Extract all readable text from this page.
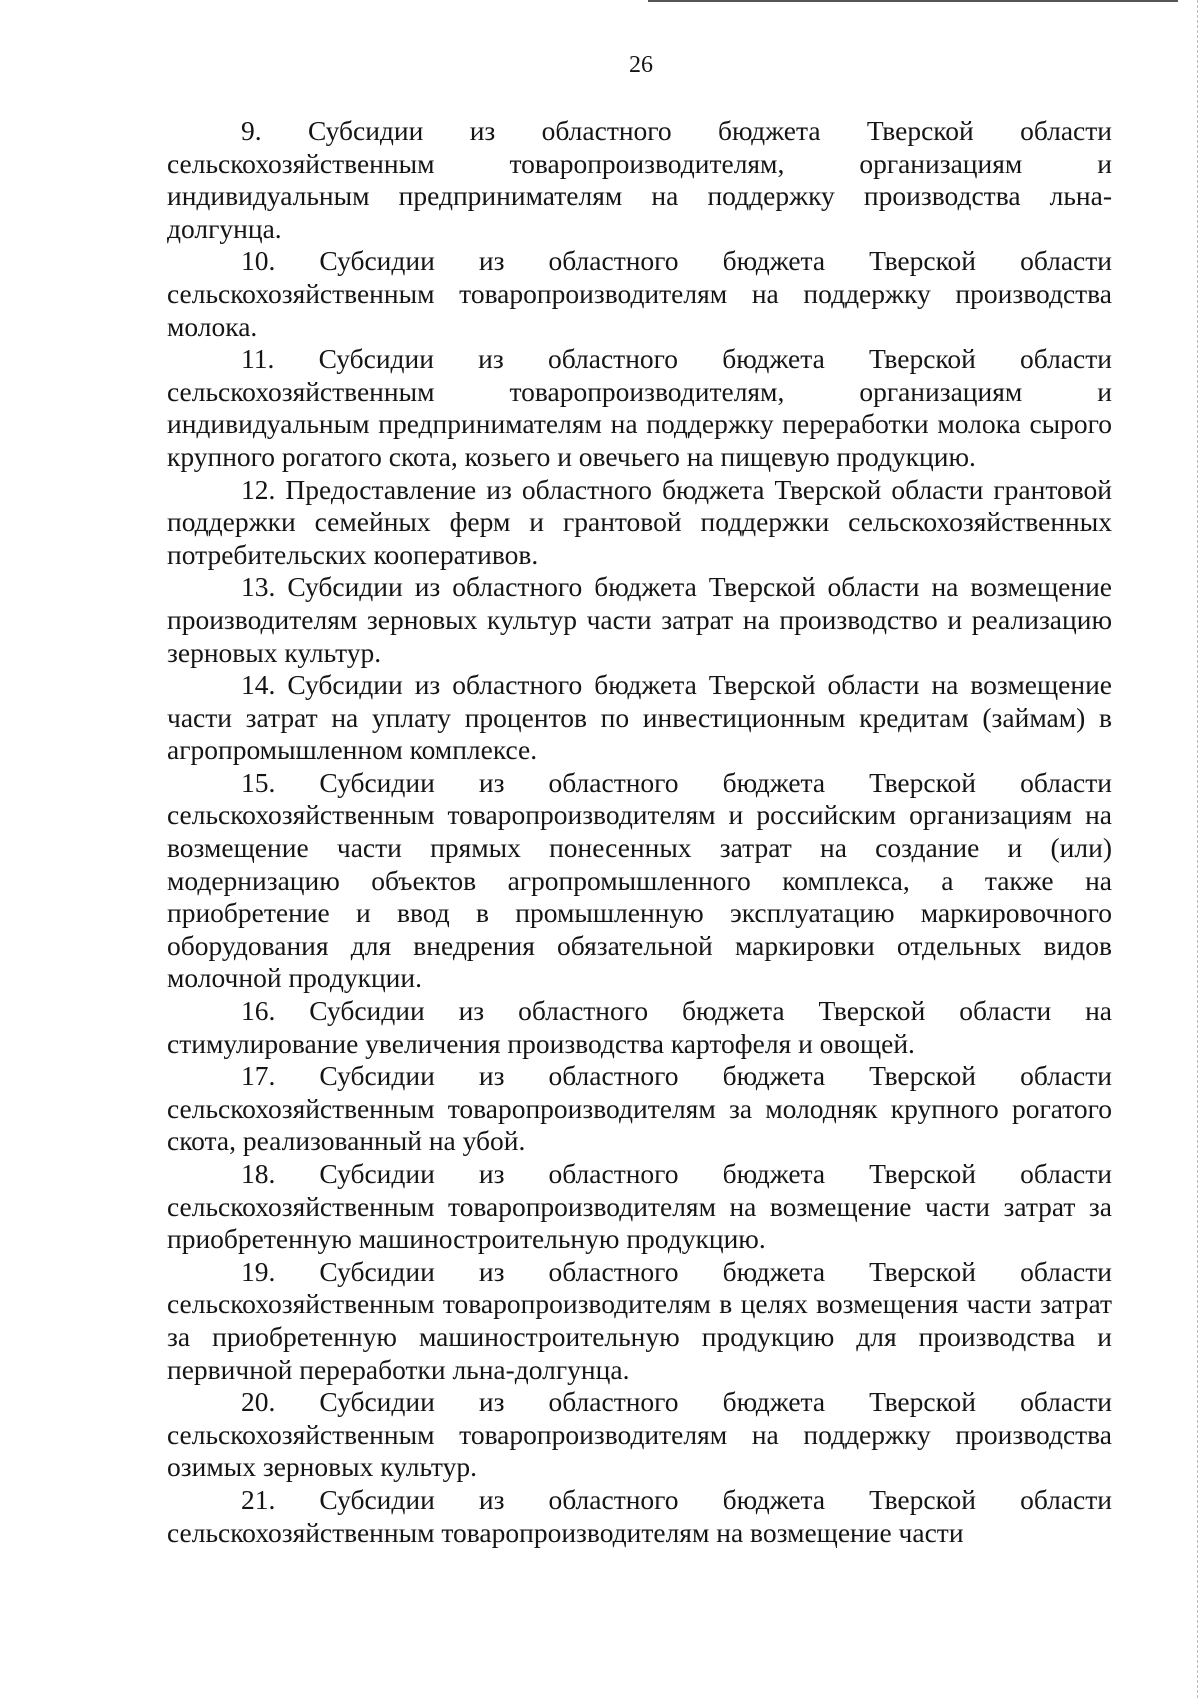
26

9. Субсидии из областного бюджета Тверской области сельскохозяйственным товаропроизводителям, организациям и индивидуальным предпринимателям на поддержку производства льна-долгунца.

10. Субсидии из областного бюджета Тверской области сельскохозяйственным товаропроизводителям на поддержку производства молока.

11. Субсидии из областного бюджета Тверской области сельскохозяйственным товаропроизводителям, организациям и индивидуальным предпринимателям на поддержку переработки молока сырого крупного рогатого скота, козьего и овечьего на пищевую продукцию.

12. Предоставление из областного бюджета Тверской области грантовой поддержки семейных ферм и грантовой поддержки сельскохозяйственных потребительских кооперативов.

13. Субсидии из областного бюджета Тверской области на возмещение производителям зерновых культур части затрат на производство и реализацию зерновых культур.

14. Субсидии из областного бюджета Тверской области на возмещение части затрат на уплату процентов по инвестиционным кредитам (займам) в агропромышленном комплексе.

15. Субсидии из областного бюджета Тверской области сельскохозяйственным товаропроизводителям и российским организациям на возмещение части прямых понесенных затрат на создание и (или) модернизацию объектов агропромышленного комплекса, а также на приобретение и ввод в промышленную эксплуатацию маркировочного оборудования для внедрения обязательной маркировки отдельных видов молочной продукции.

16. Субсидии из областного бюджета Тверской области на стимулирование увеличения производства картофеля и овощей.

17. Субсидии из областного бюджета Тверской области сельскохозяйственным товаропроизводителям за молодняк крупного рогатого скота, реализованный на убой.

18. Субсидии из областного бюджета Тверской области сельскохозяйственным товаропроизводителям на возмещение части затрат за приобретенную машиностроительную продукцию.

19. Субсидии из областного бюджета Тверской области сельскохозяйственным товаропроизводителям в целях возмещения части затрат за приобретенную машиностроительную продукцию для производства и первичной переработки льна-долгунца.

20. Субсидии из областного бюджета Тверской области сельскохозяйственным товаропроизводителям на поддержку производства озимых зерновых культур.

21. Субсидии из областного бюджета Тверской области сельскохозяйственным товаропроизводителям на возмещение части
